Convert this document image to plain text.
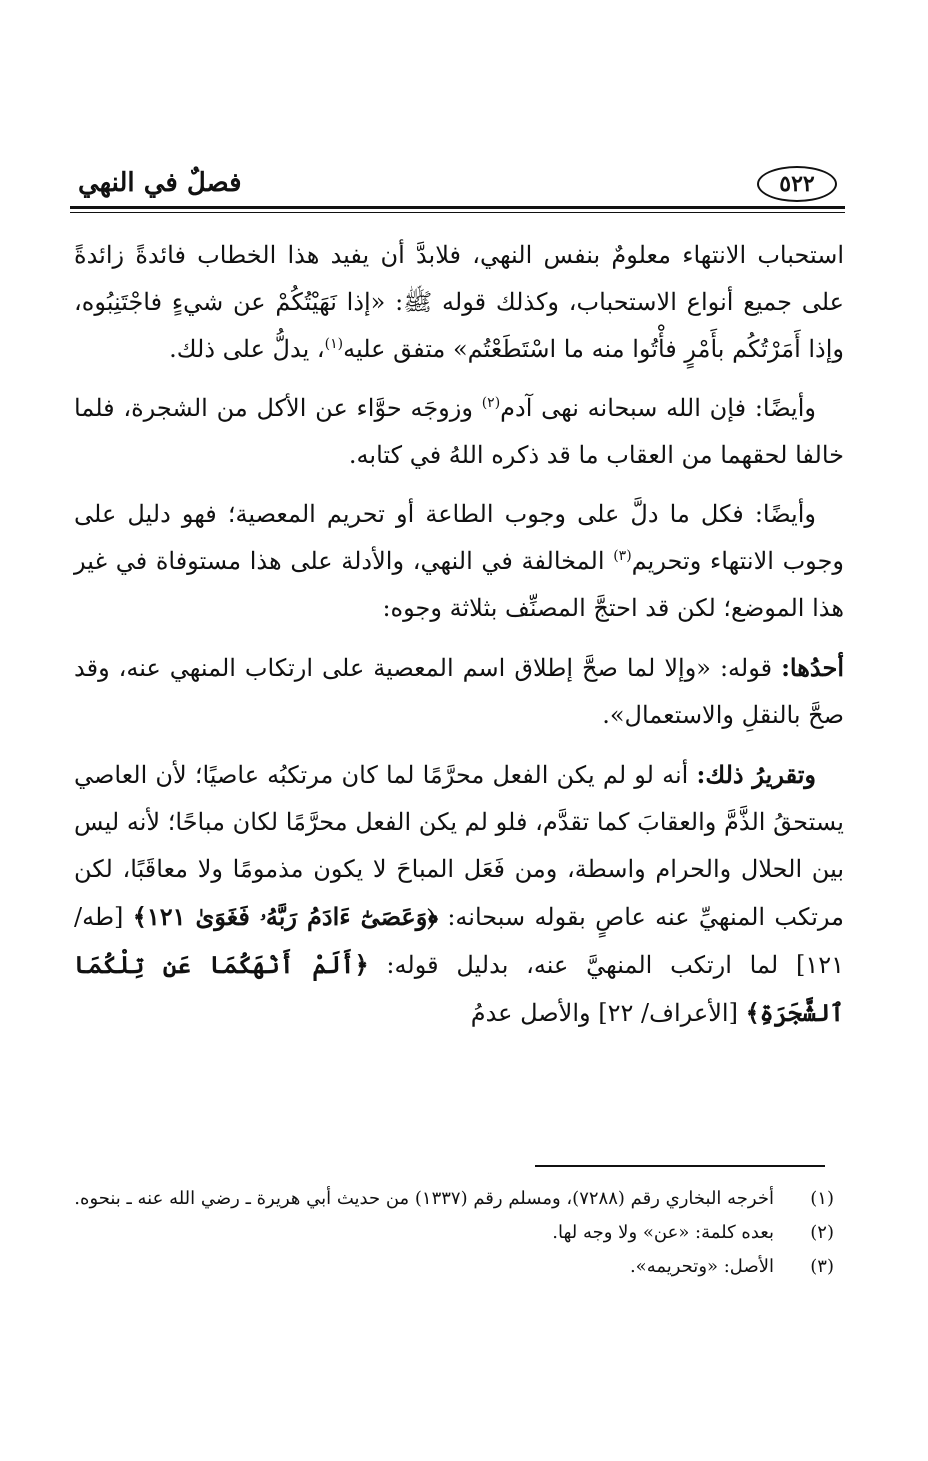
فصلٌ في النهي	٥٢٢

استحباب الانتهاء معلومٌ بنفس النهي، فلابدَّ أن يفيد هذا الخطاب فائدةً زائدةً على جميع أنواع الاستحباب، وكذلك قوله ﷺ: «إذا نَهَيْتُكُمْ عن شيءٍ فاجْتَنِبُوه، وإذا أَمَرْتُكُم بأَمْرٍ فأْتُوا منه ما اسْتَطَعْتُم» متفق عليه$^{(١)}$، يدلُّ على ذلك.

وأيضًا: فإن الله سبحانه نهى آدم$^{(٢)}$ وزوجَه حوَّاء عن الأكل من الشجرة، فلما خالفا لحقهما من العقاب ما قد ذكره اللهُ في كتابه.

وأيضًا: فكل ما دلَّ على وجوب الطاعة أو تحريم المعصية؛ فهو دليل على وجوب الانتهاء وتحريم$^{(٣)}$ المخالفة في النهي، والأدلة على هذا مستوفاة في غير هذا الموضع؛ لكن قد احتجَّ المصنِّف بثلاثة وجوه:

أحدُها: قوله: «وإلا لما صحَّ إطلاق اسم المعصية على ارتكاب المنهي عنه، وقد صحَّ بالنقلِ والاستعمال».

وتقريرُ ذلك: أنه لو لم يكن الفعل محرَّمًا لما كان مرتكبُه عاصيًا؛ لأن العاصي يستحقُ الذَّمَّ والعقابَ كما تقدَّم، فلو لم يكن الفعل محرَّمًا لكان مباحًا؛ لأنه ليس بين الحلال والحرام واسطة، ومن فَعَل المباحَ لا يكون مذمومًا ولا معاقَبًا، لكن مرتكب المنهيِّ عنه عاصٍ بقوله سبحانه: ﴿وَعَصَىٰٓ ءَادَمُ رَبَّهُۥ فَغَوَىٰ ١٢١﴾ [طه/ ١٢١] لما ارتكب المنهيَّ عنه، بدليل قوله: ﴿أَلَمْ أَنْهَكُمَا عَن تِلْكُمَا ٱلشَّجَرَةِ﴾ [الأعراف/ ٢٢] والأصل عدمُ

(١)
أخرجه البخاري رقم (٧٢٨٨)، ومسلم رقم (١٣٣٧) من حديث أبي هريرة ـ رضي الله عنه ـ بنحوه.
(٢)
بعده كلمة: «عن» ولا وجه لها.
(٣)
الأصل: «وتحريمه».
